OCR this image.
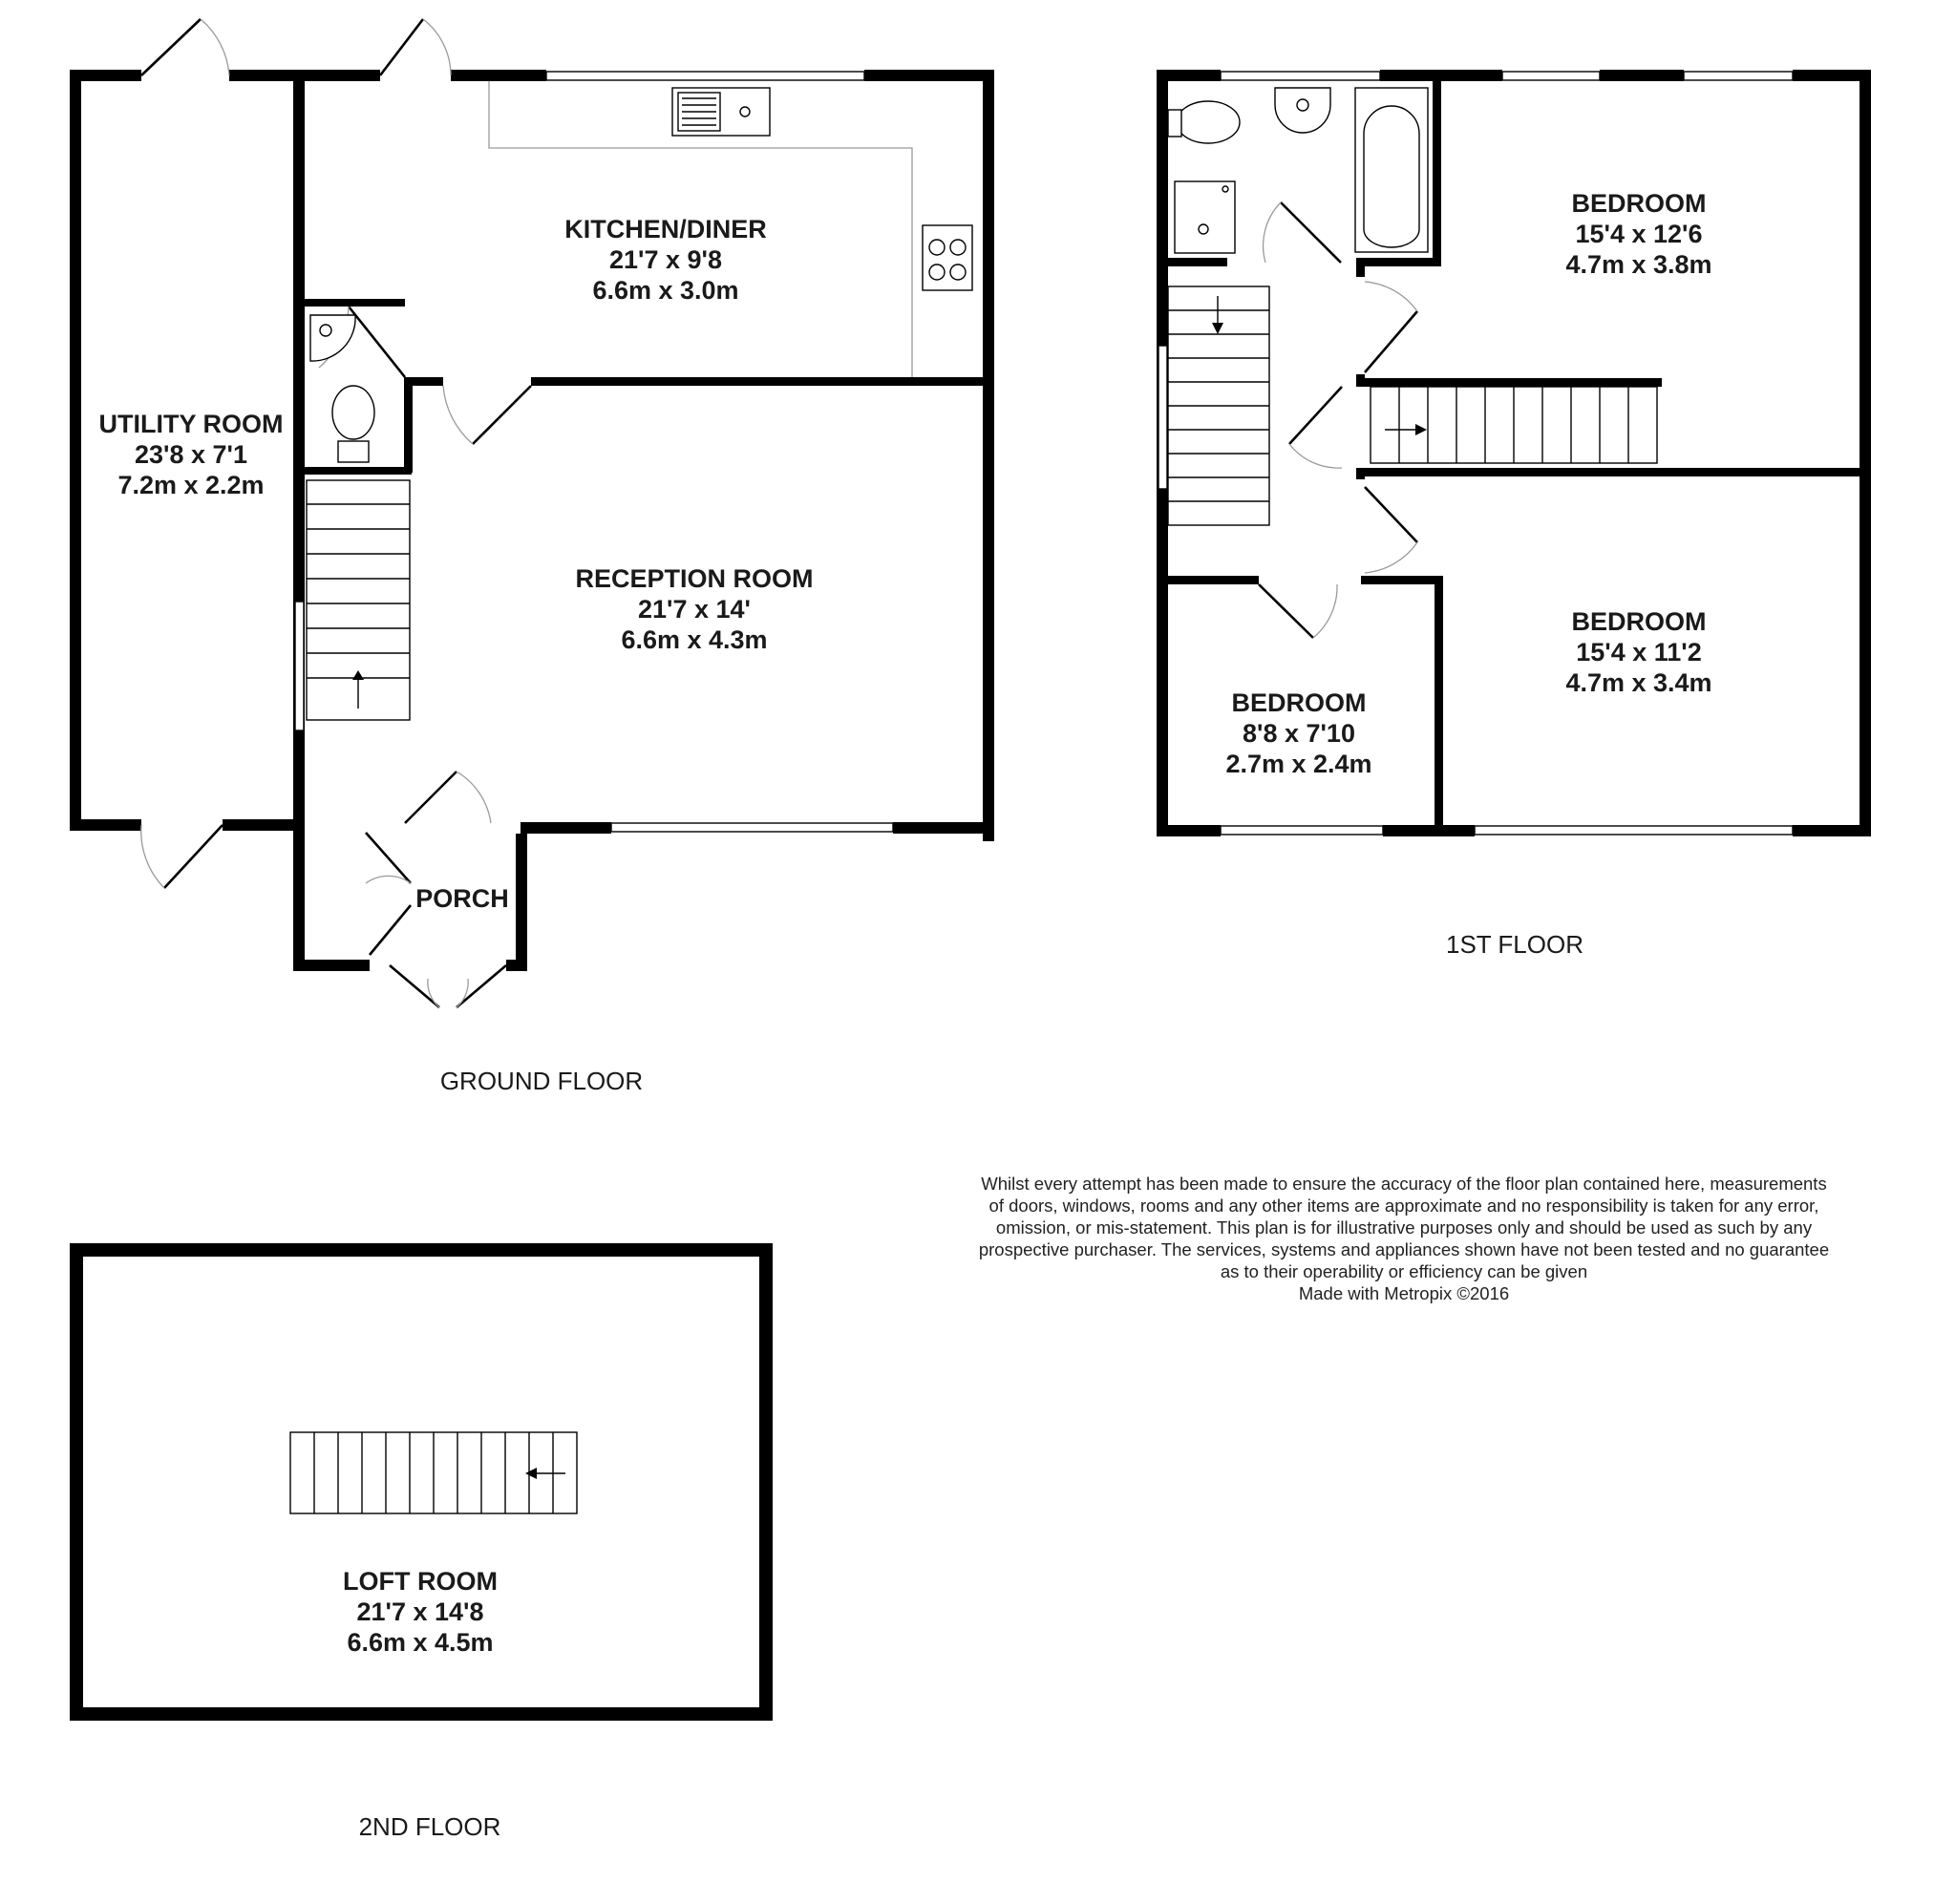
UTILITY ROOM
23'8 x 7'1
7.2m x 2.2m
KITCHEN/DINER
21'7 x 9'8
6.6m x 3.0m
RECEPTION ROOM
21'7 x 14'
6.6m x 4.3m
PORCH
BEDROOM
15'4 x 12'6
4.7m x 3.8m
BEDROOM
15'4 x 11'2
4.7m x 3.4m
BEDROOM
8'8 x 7'10
2.7m x 2.4m
LOFT ROOM
21'7 x 14'8
6.6m x 4.5m
GROUND FLOOR
1ST FLOOR
2ND FLOOR
Whilst every attempt has been made to ensure the accuracy of the floor plan contained here, measurements
of doors, windows, rooms and any other items are approximate and no responsibility is taken for any error,
omission, or mis-statement. This plan is for illustrative purposes only and should be used as such by any
prospective purchaser. The services, systems and appliances shown have not been tested and no guarantee
as to their operability or efficiency can be given
Made with Metropix ©2016
